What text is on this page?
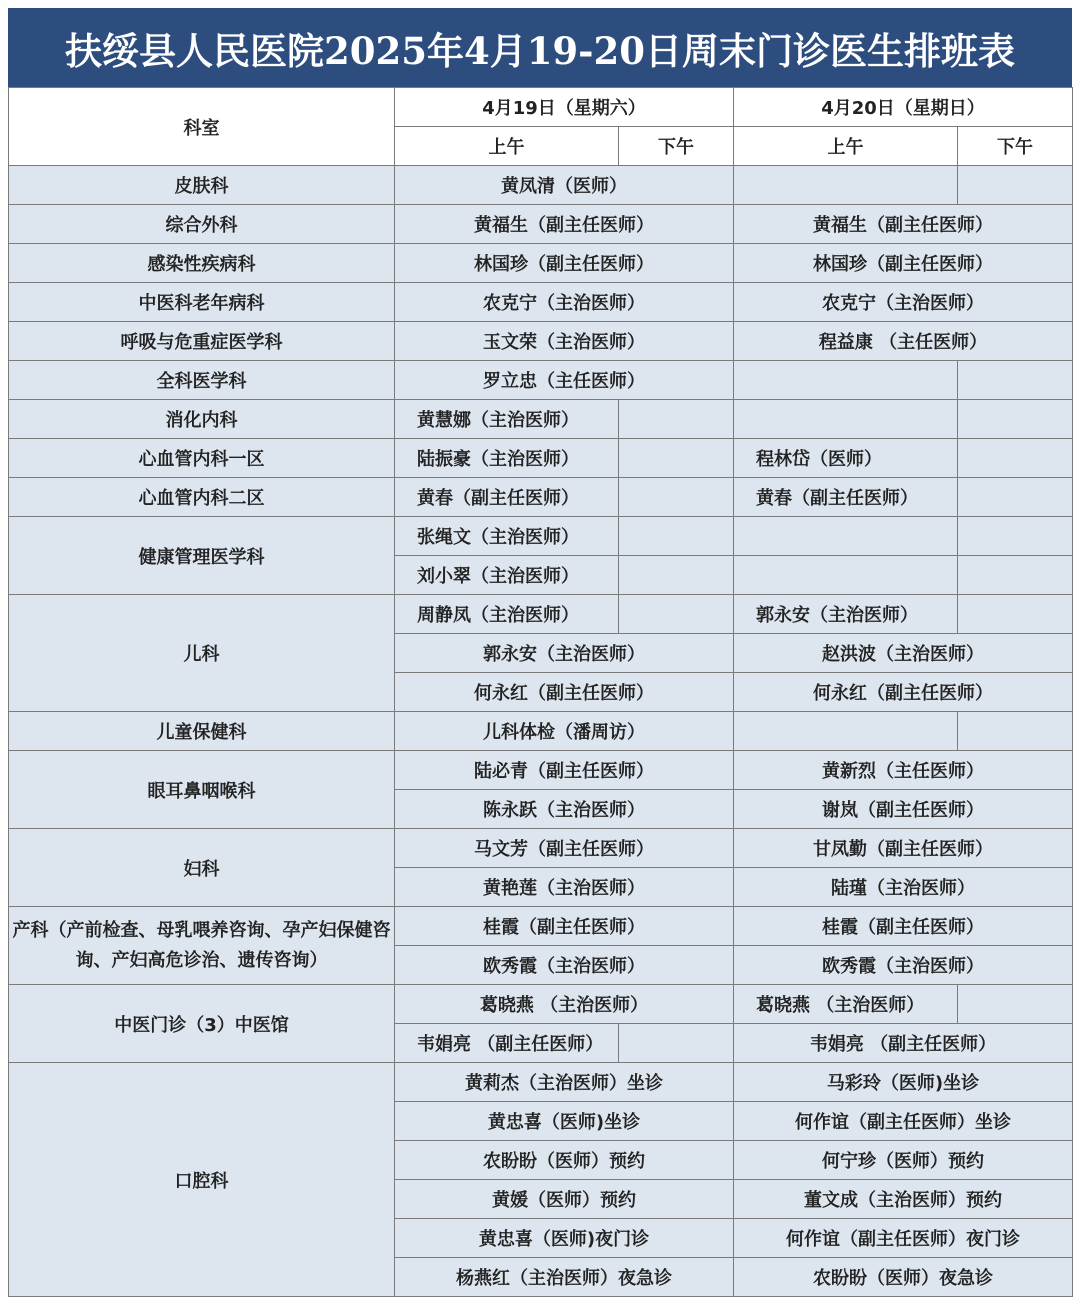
扶绥县人民医院2025年4月19-20日周末门诊医生排班表
科室	4月19日（星期六）		4月20日（星期日）	
	上午	下午	上午	下午
皮肤科	黄凤清（医师）			
综合外科	黄福生（副主任医师）		黄福生（副主任医师）	
感染性疾病科	林国珍（副主任医师）		林国珍（副主任医师）	
中医科老年病科	农克宁（主治医师）		农克宁（主治医师）	
呼吸与危重症医学科	玉文荣（主治医师）		程益康 （主任医师）	
全科医学科	罗立忠（主任医师）			
消化内科	黄慧娜（主治医师）			
心血管内科一区	陆振豪（主治医师）		程林岱（医师）	
心血管内科二区	黄春（副主任医师）		黄春（副主任医师）	
健康管理医学科	张绳文（主治医师）			
	刘小翠（主治医师）			
儿科	周静凤（主治医师）		郭永安（主治医师）	
	郭永安（主治医师）		赵洪波（主治医师）	
	何永红（副主任医师）		何永红（副主任医师）	
儿童保健科	儿科体检（潘周访）			
眼耳鼻咽喉科	陆必青（副主任医师）		黄新烈（主任医师）	
	陈永跃（主治医师）		谢岚（副主任医师）	
妇科	马文芳（副主任医师）		甘凤勤（副主任医师）	
	黄艳莲（主治医师）		陆瑾（主治医师）	
产科（产前检查、母乳喂养咨询、孕产妇保健咨询、产妇高危诊治、遗传咨询）	桂霞（副主任医师）		桂霞（副主任医师）	
	欧秀霞（主治医师）		欧秀霞（主治医师）	
中医门诊（3）中医馆	葛晓燕 （主治医师）		葛晓燕 （主治医师）	
	韦娟亮 （副主任医师）		韦娟亮 （副主任医师）	
口腔科	黄莉杰（主治医师）坐诊		马彩玲（医师)坐诊	
	黄忠喜（医师)坐诊		何作谊（副主任医师）坐诊	
	农盼盼（医师）预约		何宁珍（医师）预约	
	黄媛（医师）预约		董文成（主治医师）预约	
	黄忠喜（医师)夜门诊		何作谊（副主任医师）夜门诊	
	杨燕红（主治医师）夜急诊		农盼盼（医师）夜急诊	
